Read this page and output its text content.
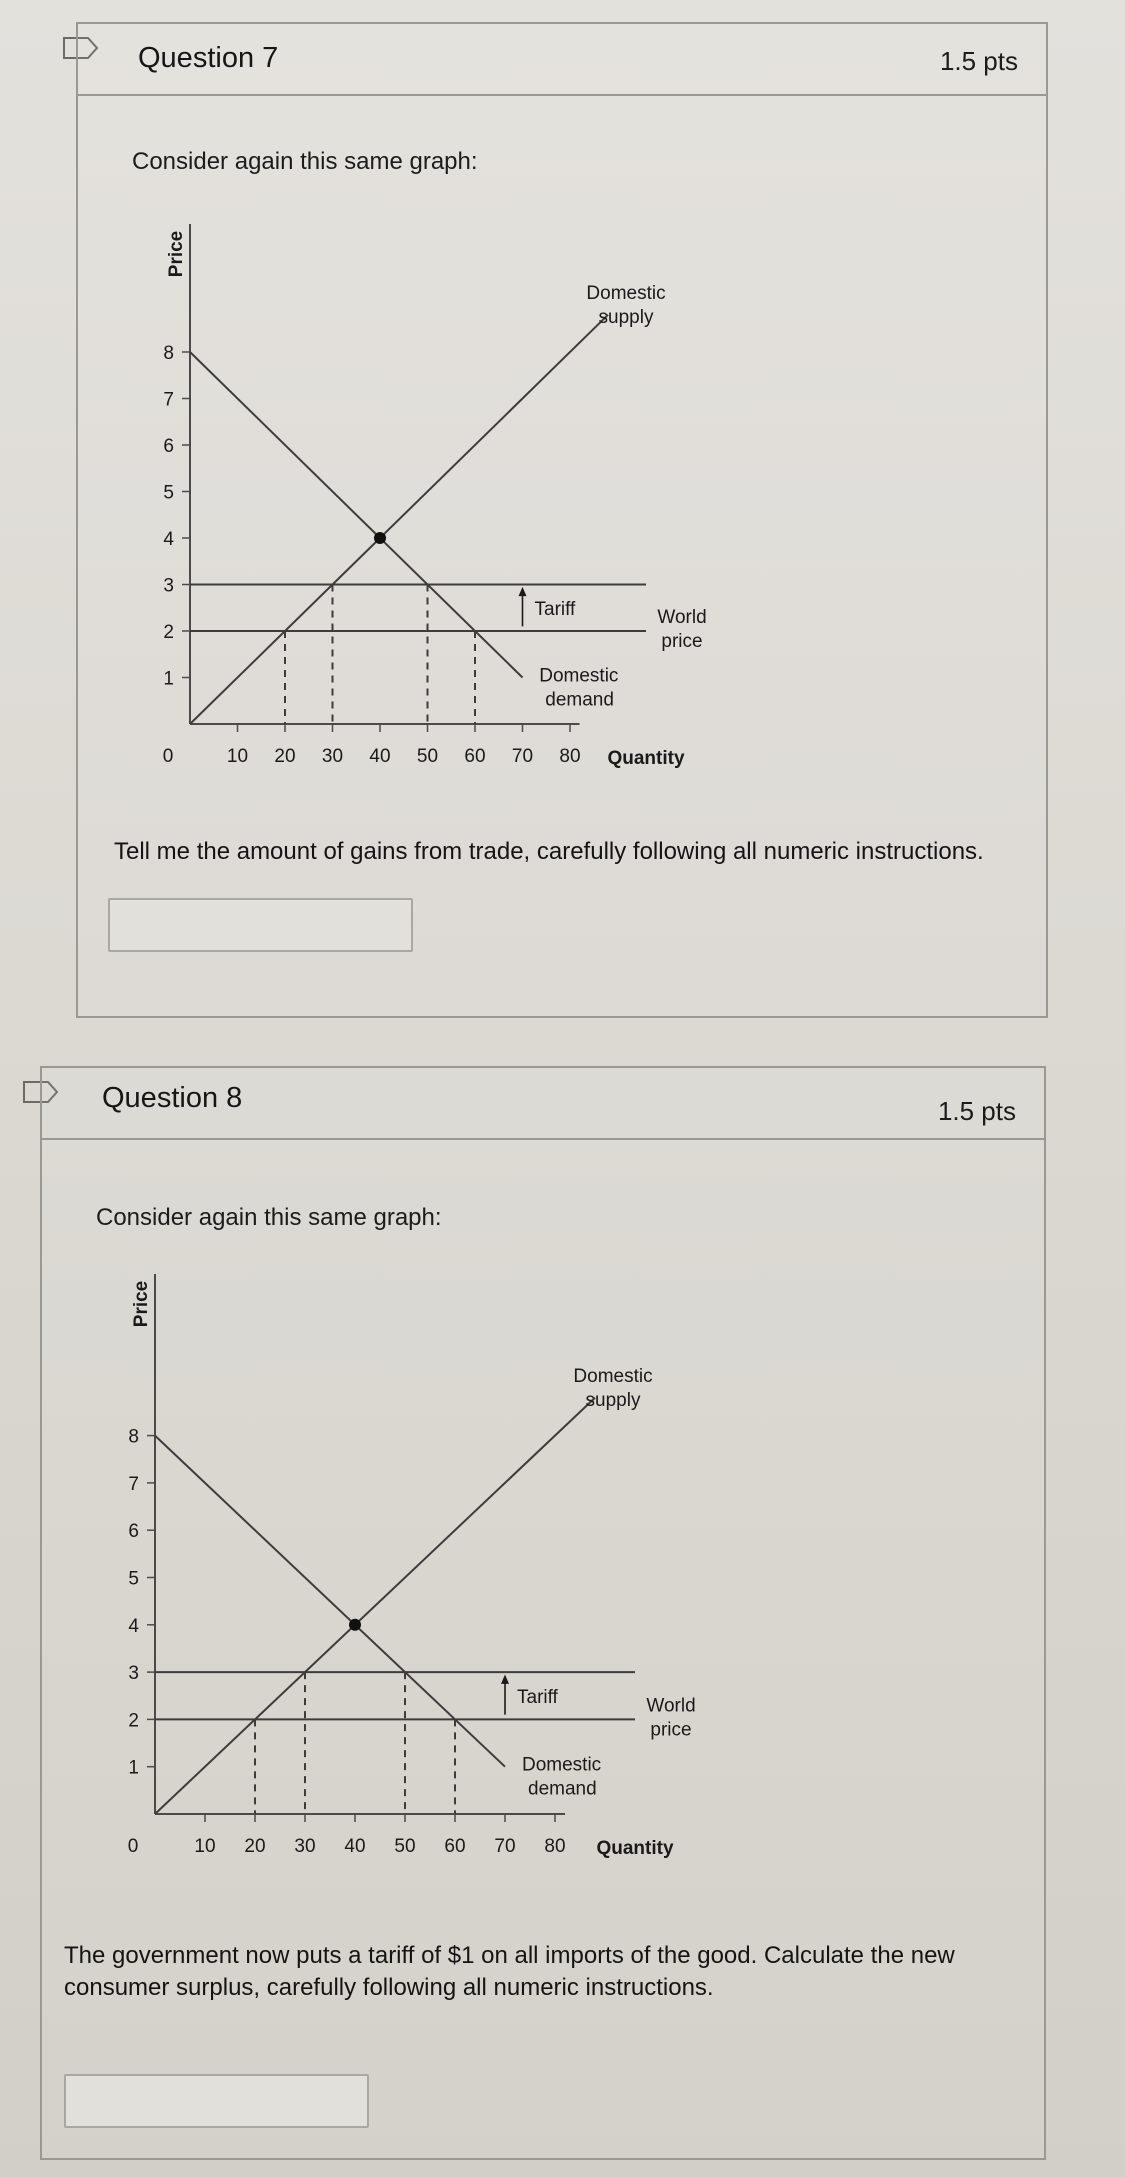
Question 7	1.5 pts
Consider again this same graph:
1
2
3
4
5
6
7
8
0	10 20 30 40 50 60 70 80
Price
Quantity
Domestic
supply
Domestic
demand
World
price
Tariff
Tell me the amount of gains from trade, carefully following all numeric instructions.
Question 8	1.5 pts
Consider again this same graph:
1
2
3
4
5
6
7
8
0	10 20 30 40 50 60 70 80
Price
Quantity
Domestic
supply
Domestic
demand
World
price
Tariff
The government now puts a tariff of $1 on all imports of the good. Calculate the new consumer surplus, carefully following all numeric instructions.
